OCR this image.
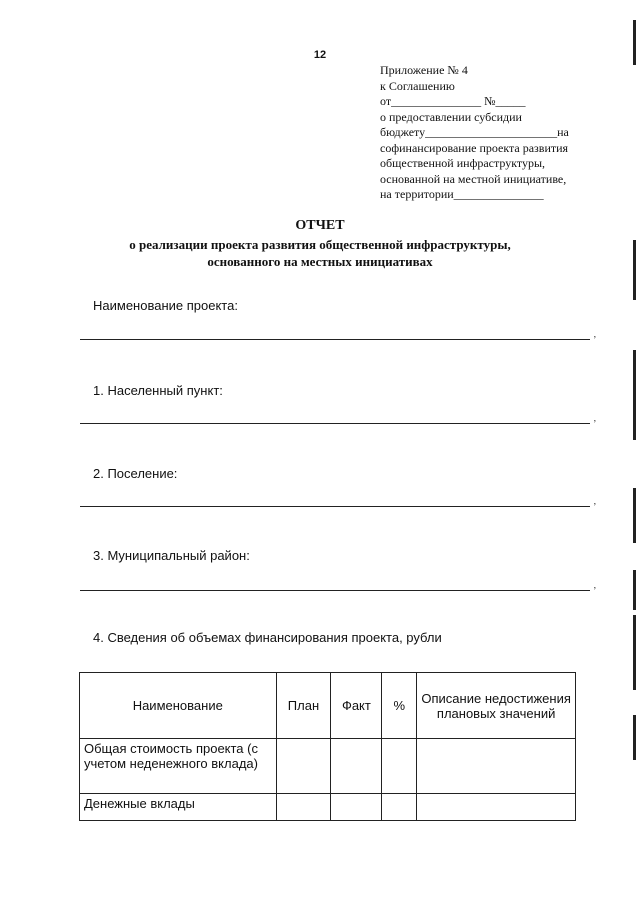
12
Приложение № 4
к Соглашению
от_______________ №_____
о предоставлении субсидии
бюджету______________________на
софинансирование проекта развития
общественной инфраструктуры,
основанной на местной инициативе,
на территории_______________
ОТЧЕТ
о реализации проекта развития общественной инфраструктуры,
основанного на местных инициативах
Наименование проекта:
,
1. Населенный пункт:
,
2. Поселение:
,
3. Муниципальный район:
,
4. Сведения об объемах финансирования проекта, рубли
Наименование	План	Факт	%	Описание недостижения плановых значений
Общая стоимость проекта (с учетом неденежного вклада)				
Денежные вклады				
